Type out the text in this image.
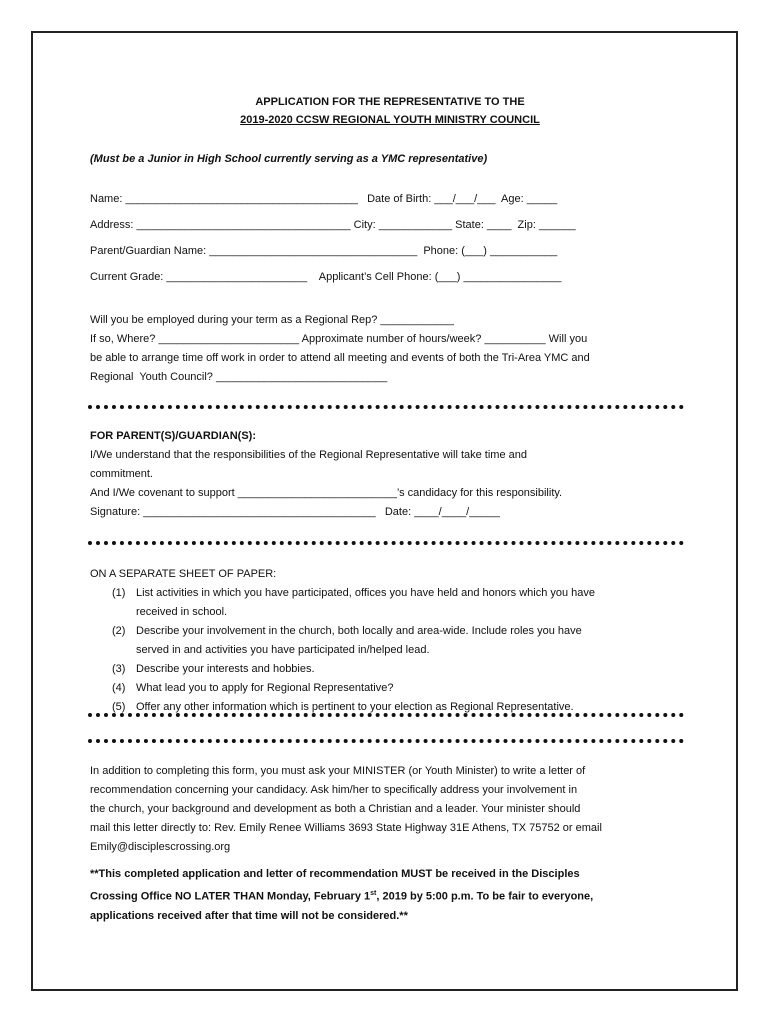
APPLICATION FOR THE REPRESENTATIVE TO THE
2019-2020 CCSW REGIONAL YOUTH MINISTRY COUNCIL
(Must be a Junior in High School currently serving as a YMC representative)
Name: ______________________________________   Date of Birth: ___/___/___  Age: _____
Address: ___________________________________ City: ____________ State: ____  Zip: ______
Parent/Guardian Name: __________________________________  Phone: (___) ___________
Current Grade: _______________________    Applicant’s Cell Phone: (___) ________________
Will you be employed during your term as a Regional Rep? ____________
If so, Where? _______________________ Approximate number of hours/week? __________ Will you
be able to arrange time off work in order to attend all meeting and events of both the Tri-Area YMC and
Regional  Youth Council? ____________________________
FOR PARENT(S)/GUARDIAN(S):
I/We understand that the responsibilities of the Regional Representative will take time and
commitment.
And I/We covenant to support __________________________’s candidacy for this responsibility.
Signature: ______________________________________   Date: ____/____/_____
ON A SEPARATE SHEET OF PAPER:
(1) List activities in which you have participated, offices you have held and honors which you have
received in school.
(2) Describe your involvement in the church, both locally and area-wide. Include roles you have
served in and activities you have participated in/helped lead.
(3) Describe your interests and hobbies.
(4) What lead you to apply for Regional Representative?
(5) Offer any other information which is pertinent to your election as Regional Representative.
In addition to completing this form, you must ask your MINISTER (or Youth Minister) to write a letter of
recommendation concerning your candidacy. Ask him/her to specifically address your involvement in
the church, your background and development as both a Christian and a leader. Your minister should
mail this letter directly to: Rev. Emily Renee Williams 3693 State Highway 31E Athens, TX 75752 or email
Emily@disciplescrossing.org
**This completed application and letter of recommendation MUST be received in the Disciples
Crossing Office NO LATER THAN Monday, February 1st, 2019 by 5:00 p.m. To be fair to everyone,
applications received after that time will not be considered.**
